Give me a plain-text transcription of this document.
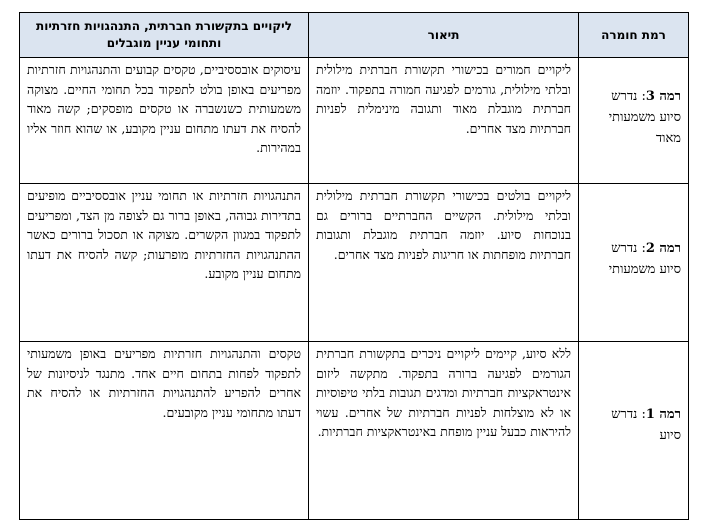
רמת חומרה	תיאור	ליקויים בתקשורת חברתית, התנהגויות חזרתיות ותחומי עניין מוגבלים
רמה 3: נדרש סיוע משמעותי מאוד	ליקויים חמורים בכישורי תקשורת חברתית מילולית ובלתי מילולית, גורמים לפגיעה חמורה בתפקוד. יוזמה חברתית מוגבלת מאוד ותגובה מינימלית לפניות חברתיות מצד אחרים.	עיסוקים אובססיביים, טקסים קבועים והתנהגויות חזרתיות מפריעים באופן בולט לתפקוד בכל תחומי החיים. מצוקה משמעותית כשנשברה או טקסים מופסקים; קשה מאוד להסיח את דעתו מתחום עניין מקובע, או שהוא חוזר אליו במהירות.
רמה 2: נדרש סיוע משמעותי	ליקויים בולטים בכישורי תקשורת חברתית מילולית ובלתי מילולית. הקשיים החברתיים ברורים גם בנוכחות סיוע. יוזמה חברתית מוגבלת ותגובות חברתיות מופחתות או חריגות לפניות מצד אחרים.	התנהגויות חזרתיות או תחומי עניין אובססיביים מופיעים בתדירות גבוהה, באופן ברור גם לצופה מן הצד, ומפריעים לתפקוד במגוון הקשרים. מצוקה או תסכול ברורים כאשר ההתנהגויות החזרתיות מופרעות; קשה להסיח את דעתו מתחום עניין מקובע.
רמה 1: נדרש סיוע	ללא סיוע, קיימים ליקויים ניכרים בתקשורת חברתית הגורמים לפגיעה ברורה בתפקוד. מתקשה ליזום אינטראקציות חברתיות ומדגים תגובות בלתי טיפוסיות או לא מוצלחות לפניות חברתיות של אחרים. עשוי להיראות כבעל עניין מופחת באינטראקציות חברתיות.	טקסים והתנהגויות חזרתיות מפריעים באופן משמעותי לתפקוד לפחות בתחום חיים אחד. מתנגד לניסיונות של אחרים להפריע להתנהגויות החזרתיות או להסיח את דעתו מתחומי עניין מקובעים.
